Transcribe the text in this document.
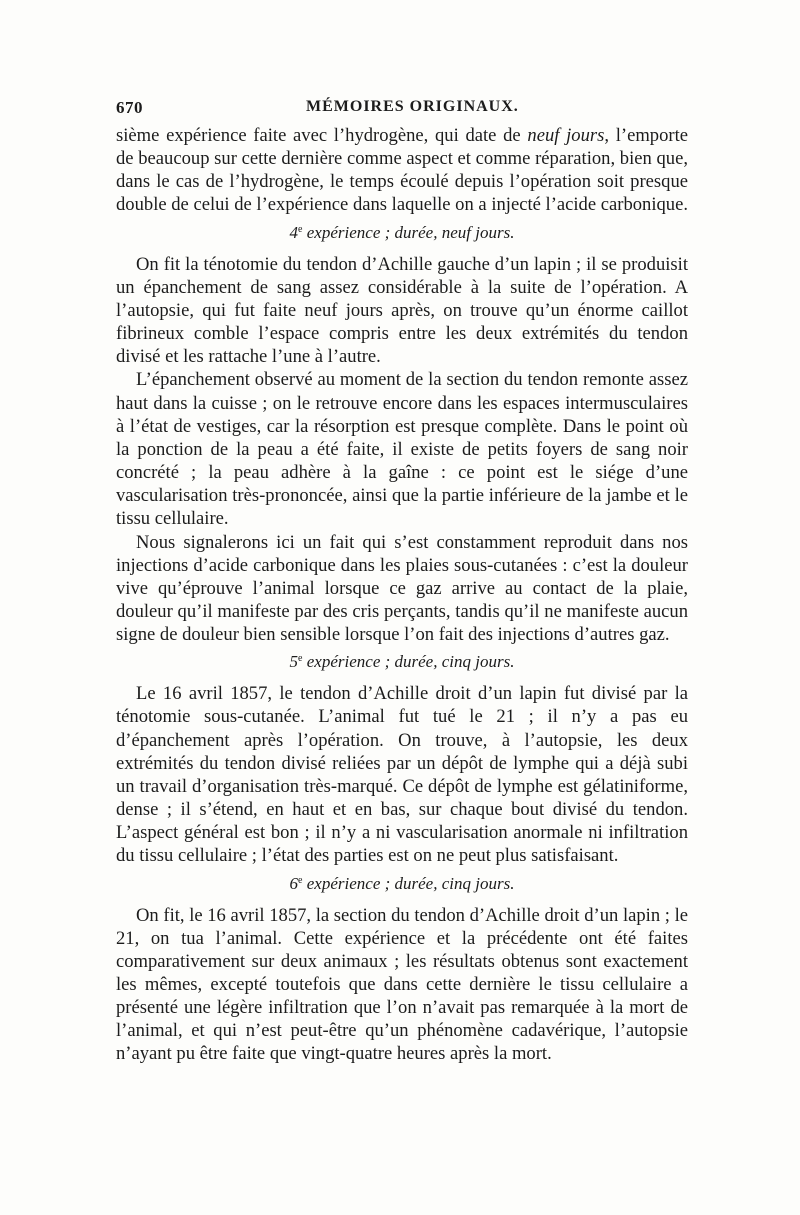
670	MÉMOIRES ORIGINAUX.

sième expérience faite avec l’hydrogène, qui date de neuf jours, l’emporte de beaucoup sur cette dernière comme aspect et comme réparation, bien que, dans le cas de l’hydrogène, le temps écoulé depuis l’opération soit presque double de celui de l’expérience dans laquelle on a injecté l’acide carbonique.

4e expérience ; durée, neuf jours.

On fit la ténotomie du tendon d’Achille gauche d’un lapin ; il se produisit un épanchement de sang assez considérable à la suite de l’opération. A l’autopsie, qui fut faite neuf jours après, on trouve qu’un énorme caillot fibrineux comble l’espace compris entre les deux extrémités du tendon divisé et les rattache l’une à l’autre.

L’épanchement observé au moment de la section du tendon remonte assez haut dans la cuisse ; on le retrouve encore dans les espaces intermusculaires à l’état de vestiges, car la résorption est presque complète. Dans le point où la ponction de la peau a été faite, il existe de petits foyers de sang noir concrété ; la peau adhère à la gaîne : ce point est le siége d’une vascularisation très-prononcée, ainsi que la partie inférieure de la jambe et le tissu cellulaire.

Nous signalerons ici un fait qui s’est constamment reproduit dans nos injections d’acide carbonique dans les plaies sous-cutanées : c’est la douleur vive qu’éprouve l’animal lorsque ce gaz arrive au contact de la plaie, douleur qu’il manifeste par des cris perçants, tandis qu’il ne manifeste aucun signe de douleur bien sensible lorsque l’on fait des injections d’autres gaz.

5e expérience ; durée, cinq jours.

Le 16 avril 1857, le tendon d’Achille droit d’un lapin fut divisé par la ténotomie sous-cutanée. L’animal fut tué le 21 ; il n’y a pas eu d’épanchement après l’opération. On trouve, à l’autopsie, les deux extrémités du tendon divisé reliées par un dépôt de lymphe qui a déjà subi un travail d’organisation très-marqué. Ce dépôt de lymphe est gélatiniforme, dense ; il s’étend, en haut et en bas, sur chaque bout divisé du tendon. L’aspect général est bon ; il n’y a ni vascularisation anormale ni infiltration du tissu cellulaire ; l’état des parties est on ne peut plus satisfaisant.

6e expérience ; durée, cinq jours.

On fit, le 16 avril 1857, la section du tendon d’Achille droit d’un lapin ; le 21, on tua l’animal. Cette expérience et la précédente ont été faites comparativement sur deux animaux ; les résultats obtenus sont exactement les mêmes, excepté toutefois que dans cette dernière le tissu cellulaire a présenté une légère infiltration que l’on n’avait pas remarquée à la mort de l’animal, et qui n’est peut-être qu’un phénomène cadavérique, l’autopsie n’ayant pu être faite que vingt-quatre heures après la mort.
